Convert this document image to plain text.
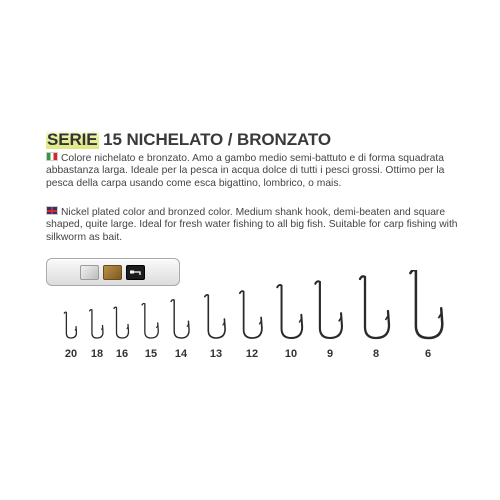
SERIE 15 NICHELATO / BRONZATO
Colore nichelato e bronzato. Amo a gambo medio semi-battuto e di forma squadrata abbastanza larga. Ideale per la pesca in acqua dolce di tutti i pesci grossi. Ottimo per la pesca della carpa usando come esca bigattino, lombrico, o mais.
Nickel plated color and bronzed color. Medium shank hook, demi-beaten and square shaped, quite large. Ideal for fresh water fishing to all big fish. Suitable for carp fishing with silkworm as bait.
20	18	16	15	14	13	12	10	9	8	6
